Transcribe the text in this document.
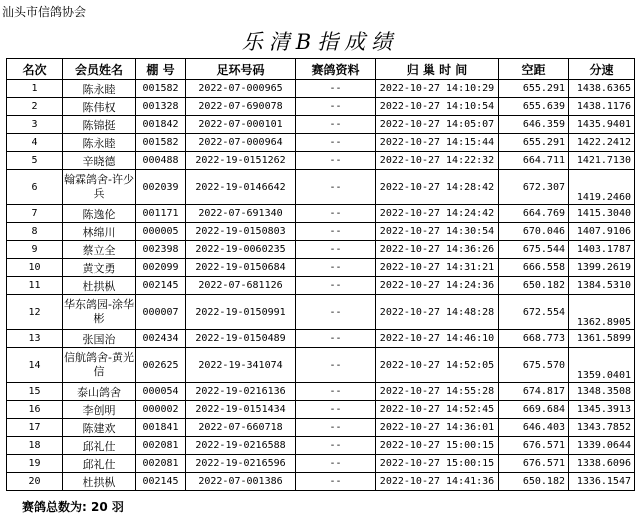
汕头市信鸽协会
乐清B指成绩
名次	会员姓名	棚 号	足环号码	赛鸽资料	归 巢 时 间	空距	分速
1	陈永睦	001582	2022-07-000965	--	2022-10-27 14:10:29	655.291	1438.6365
2	陈伟权	001328	2022-07-690078	--	2022-10-27 14:10:54	655.639	1438.1176
3	陈锦挺	001842	2022-07-000101	--	2022-10-27 14:05:07	646.359	1435.9401
4	陈永睦	001582	2022-07-000964	--	2022-10-27 14:15:44	655.291	1422.2412
5	辛晓德	000488	2022-19-0151262	--	2022-10-27 14:22:32	664.711	1421.7130
6	翰霖鸽舍-许少兵	002039	2022-19-0146642	--	2022-10-27 14:28:42	672.307	1419.2460
7	陈逸伦	001171	2022-07-691340	--	2022-10-27 14:24:42	664.769	1415.3040
8	林绵川	000005	2022-19-0150803	--	2022-10-27 14:30:54	670.046	1407.9106
9	蔡立全	002398	2022-19-0060235	--	2022-10-27 14:36:26	675.544	1403.1787
10	黄文勇	002099	2022-19-0150684	--	2022-10-27 14:31:21	666.558	1399.2619
11	杜拱枞	002145	2022-07-681126	--	2022-10-27 14:24:36	650.182	1384.5310
12	华东鸽园-涂华彬	000007	2022-19-0150991	--	2022-10-27 14:48:28	672.554	1362.8905
13	张国治	002434	2022-19-0150489	--	2022-10-27 14:46:10	668.773	1361.5899
14	信航鸽舍-黄光信	002625	2022-19-341074	--	2022-10-27 14:52:05	675.570	1359.0401
15	泰山鸽舍	000054	2022-19-0216136	--	2022-10-27 14:55:28	674.817	1348.3508
16	李创明	000002	2022-19-0151434	--	2022-10-27 14:52:45	669.684	1345.3913
17	陈建欢	001841	2022-07-660718	--	2022-10-27 14:36:01	646.403	1343.7852
18	邱礼仕	002081	2022-19-0216588	--	2022-10-27 15:00:15	676.571	1339.0644
19	邱礼仕	002081	2022-19-0216596	--	2022-10-27 15:00:15	676.571	1338.6096
20	杜拱枞	002145	2022-07-001386	--	2022-10-27 14:41:36	650.182	1336.1547
赛鸽总数为: 20 羽
